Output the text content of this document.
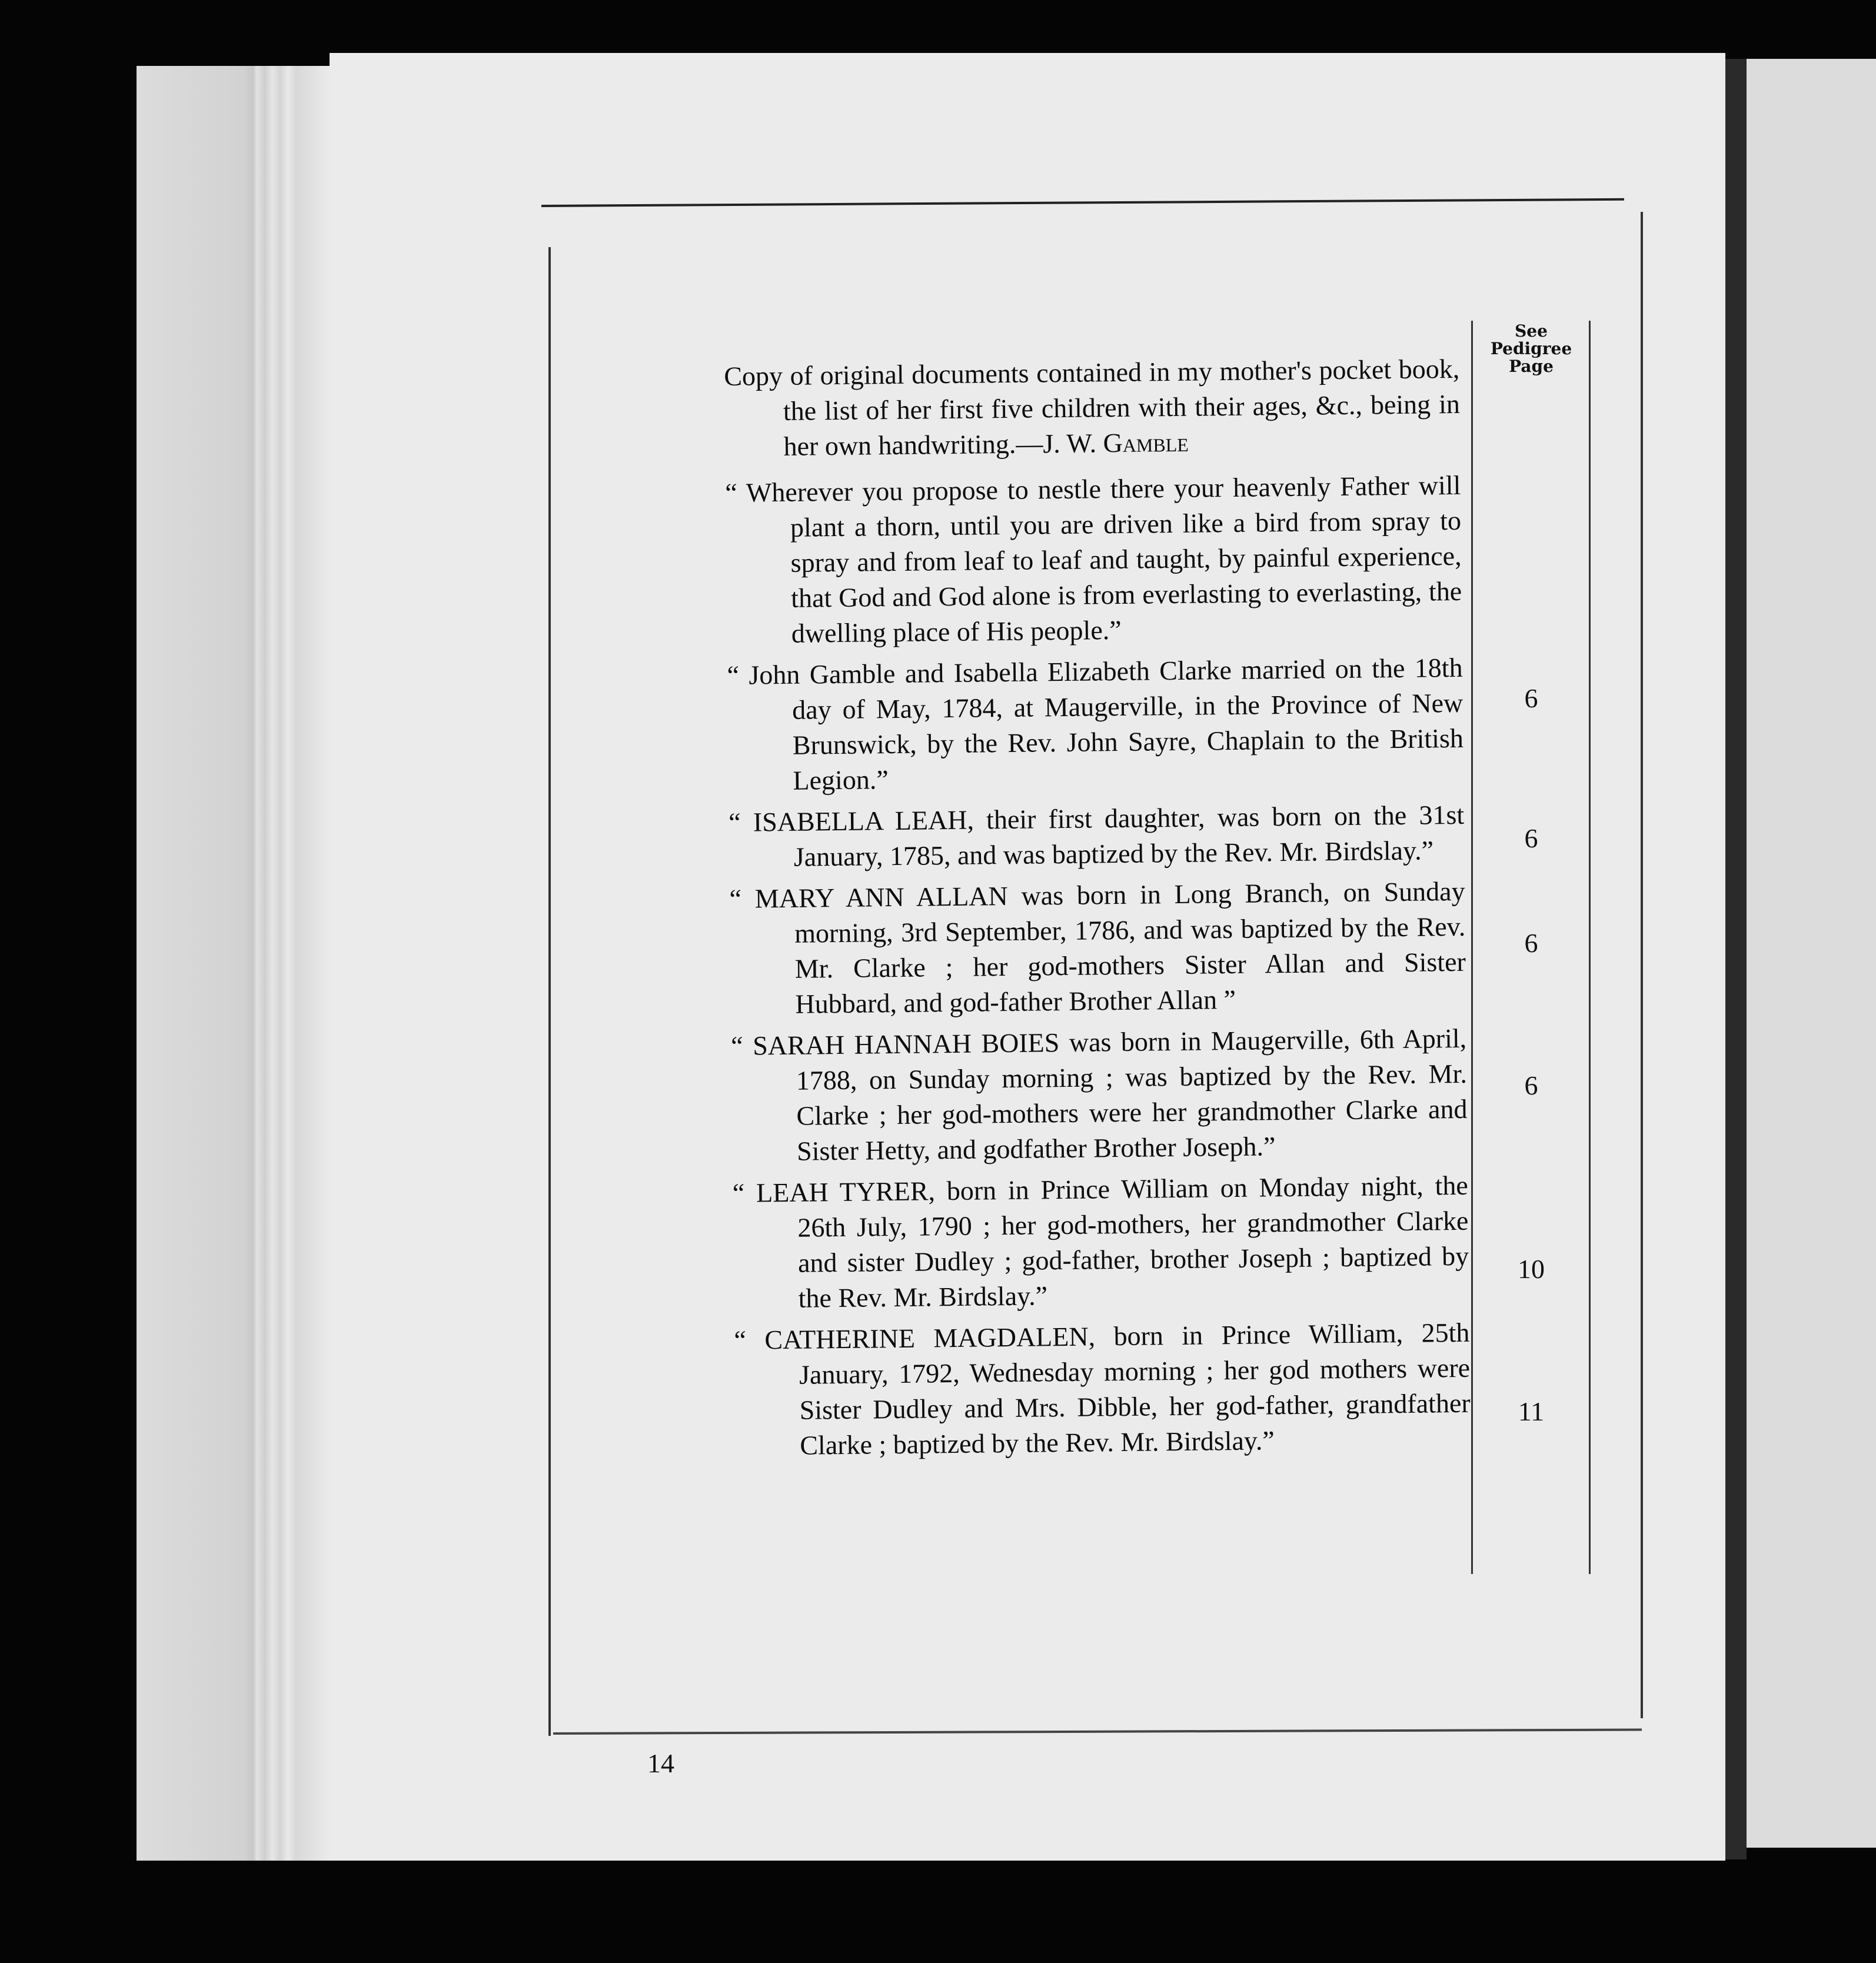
See Pedigree Page

Copy of original documents contained in my mother's pocket book, the list of her first five children with their ages, &c., being in her own handwriting.—J. W. Gamble

“ Wherever you propose to nestle there your heavenly Father will plant a thorn, until you are driven like a bird from spray to spray and from leaf to leaf and taught, by painful experience, that God and God alone is from everlasting to everlasting, the dwelling place of His people.”

“ John Gamble and Isabella Elizabeth Clarke married on the 18th day of May, 1784, at Maugerville, in the Province of New Brunswick, by the Rev. John Sayre, Chaplain to the British Legion.”

“ ISABELLA LEAH, their first daughter, was born on the 31st January, 1785, and was baptized by the Rev. Mr. Birdslay.”

“ MARY ANN ALLAN was born in Long Branch, on Sunday morning, 3rd September, 1786, and was baptized by the Rev. Mr. Clarke ; her god-mothers Sister Allan and Sister Hubbard, and god-father Brother Allan ”

“ SARAH HANNAH BOIES was born in Maugerville, 6th April, 1788, on Sunday morning ; was baptized by the Rev. Mr. Clarke ; her god-mothers were her grandmother Clarke and Sister Hetty, and godfather Brother Joseph.”

“ LEAH TYRER, born in Prince William on Monday night, the 26th July, 1790 ; her god-mothers, her grandmother Clarke and sister Dudley ; god-father, brother Joseph ; baptized by the Rev. Mr. Birdslay.”

“ CATHERINE MAGDALEN, born in Prince William, 25th January, 1792, Wednesday morning ; her god mothers were Sister Dudley and Mrs. Dibble, her god-father, grandfather Clarke ; baptized by the Rev. Mr. Birdslay.”

6
6
6
6
10
11
14
